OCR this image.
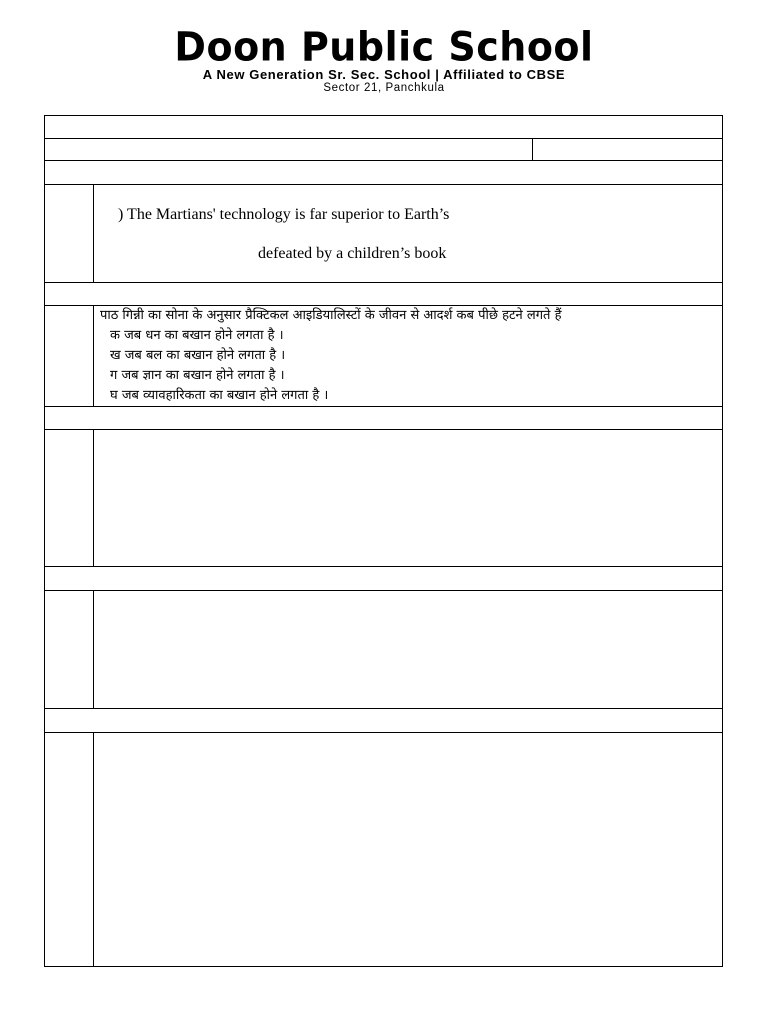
Doon Public School
A New Generation Sr. Sec. School | Affiliated to CBSE
Sector 21, Panchkula
) The Martians' technology is far superior to Earth’s
defeated by a children’s book
पाठ गिन्नी का सोना के अनुसार प्रैक्टिकल आइडियालिस्टों के जीवन से आदर्श कब पीछे हटने लगते हैं
क जब धन का बखान होने लगता है ।
ख जब बल का बखान होने लगता है ।
ग जब ज्ञान का बखान होने लगता है ।
घ जब व्यावहारिकता का बखान होने लगता है ।
